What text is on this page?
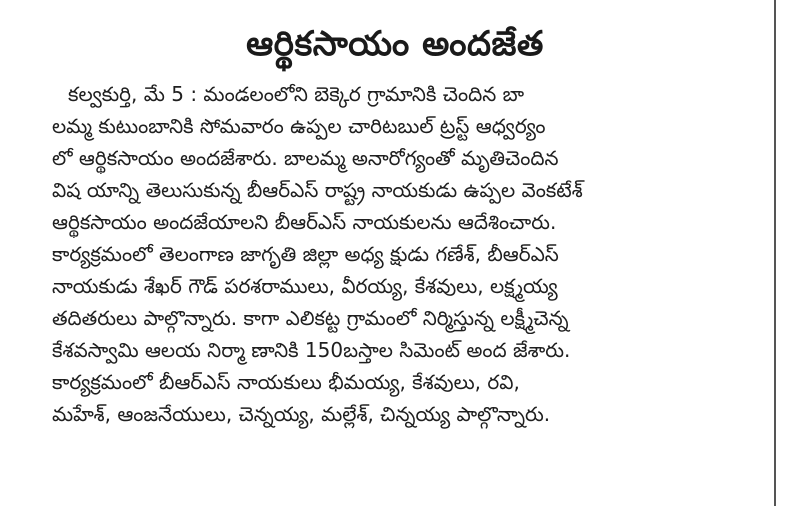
ఆర్థికసాయం అందజేత
కల్వకుర్తి, మే 5 : మండలంలోని బెక్కెర గ్రామానికి చెందిన బా
లమ్మ కుటుంబానికి సోమవారం ఉప్పల చారిటబుల్ ట్రస్ట్ ఆధ్వర్యం
లో ఆర్థికసాయం అందజేశారు. బాలమ్మ అనారోగ్యంతో మృతిచెందిన
విష యాన్ని తెలుసుకున్న బీఆర్ఎస్ రాష్ట్ర నాయకుడు ఉప్పల వెంకటేశ్
ఆర్థికసాయం అందజేయాలని బీఆర్ఎస్ నాయకులను ఆదేశించారు.
కార్యక్రమంలో తెలంగాణ జాగృతి జిల్లా అధ్య క్షుడు గణేశ్, బీఆర్ఎస్
నాయకుడు శేఖర్ గౌడ్ పరశరాములు, వీరయ్య, కేశవులు, లక్ష్మయ్య
తదితరులు పాల్గొన్నారు. కాగా ఎలికట్ట గ్రామంలో నిర్మిస్తున్న లక్ష్మీచెన్న
కేశవస్వామి ఆలయ నిర్మా ణానికి 150బస్తాల సిమెంట్ అంద జేశారు.
కార్యక్రమంలో బీఆర్ఎస్ నాయకులు భీమయ్య, కేశవులు, రవి,
మహేశ్, ఆంజనేయులు, చెన్నయ్య, మల్లేశ్, చిన్నయ్య పాల్గొన్నారు.
